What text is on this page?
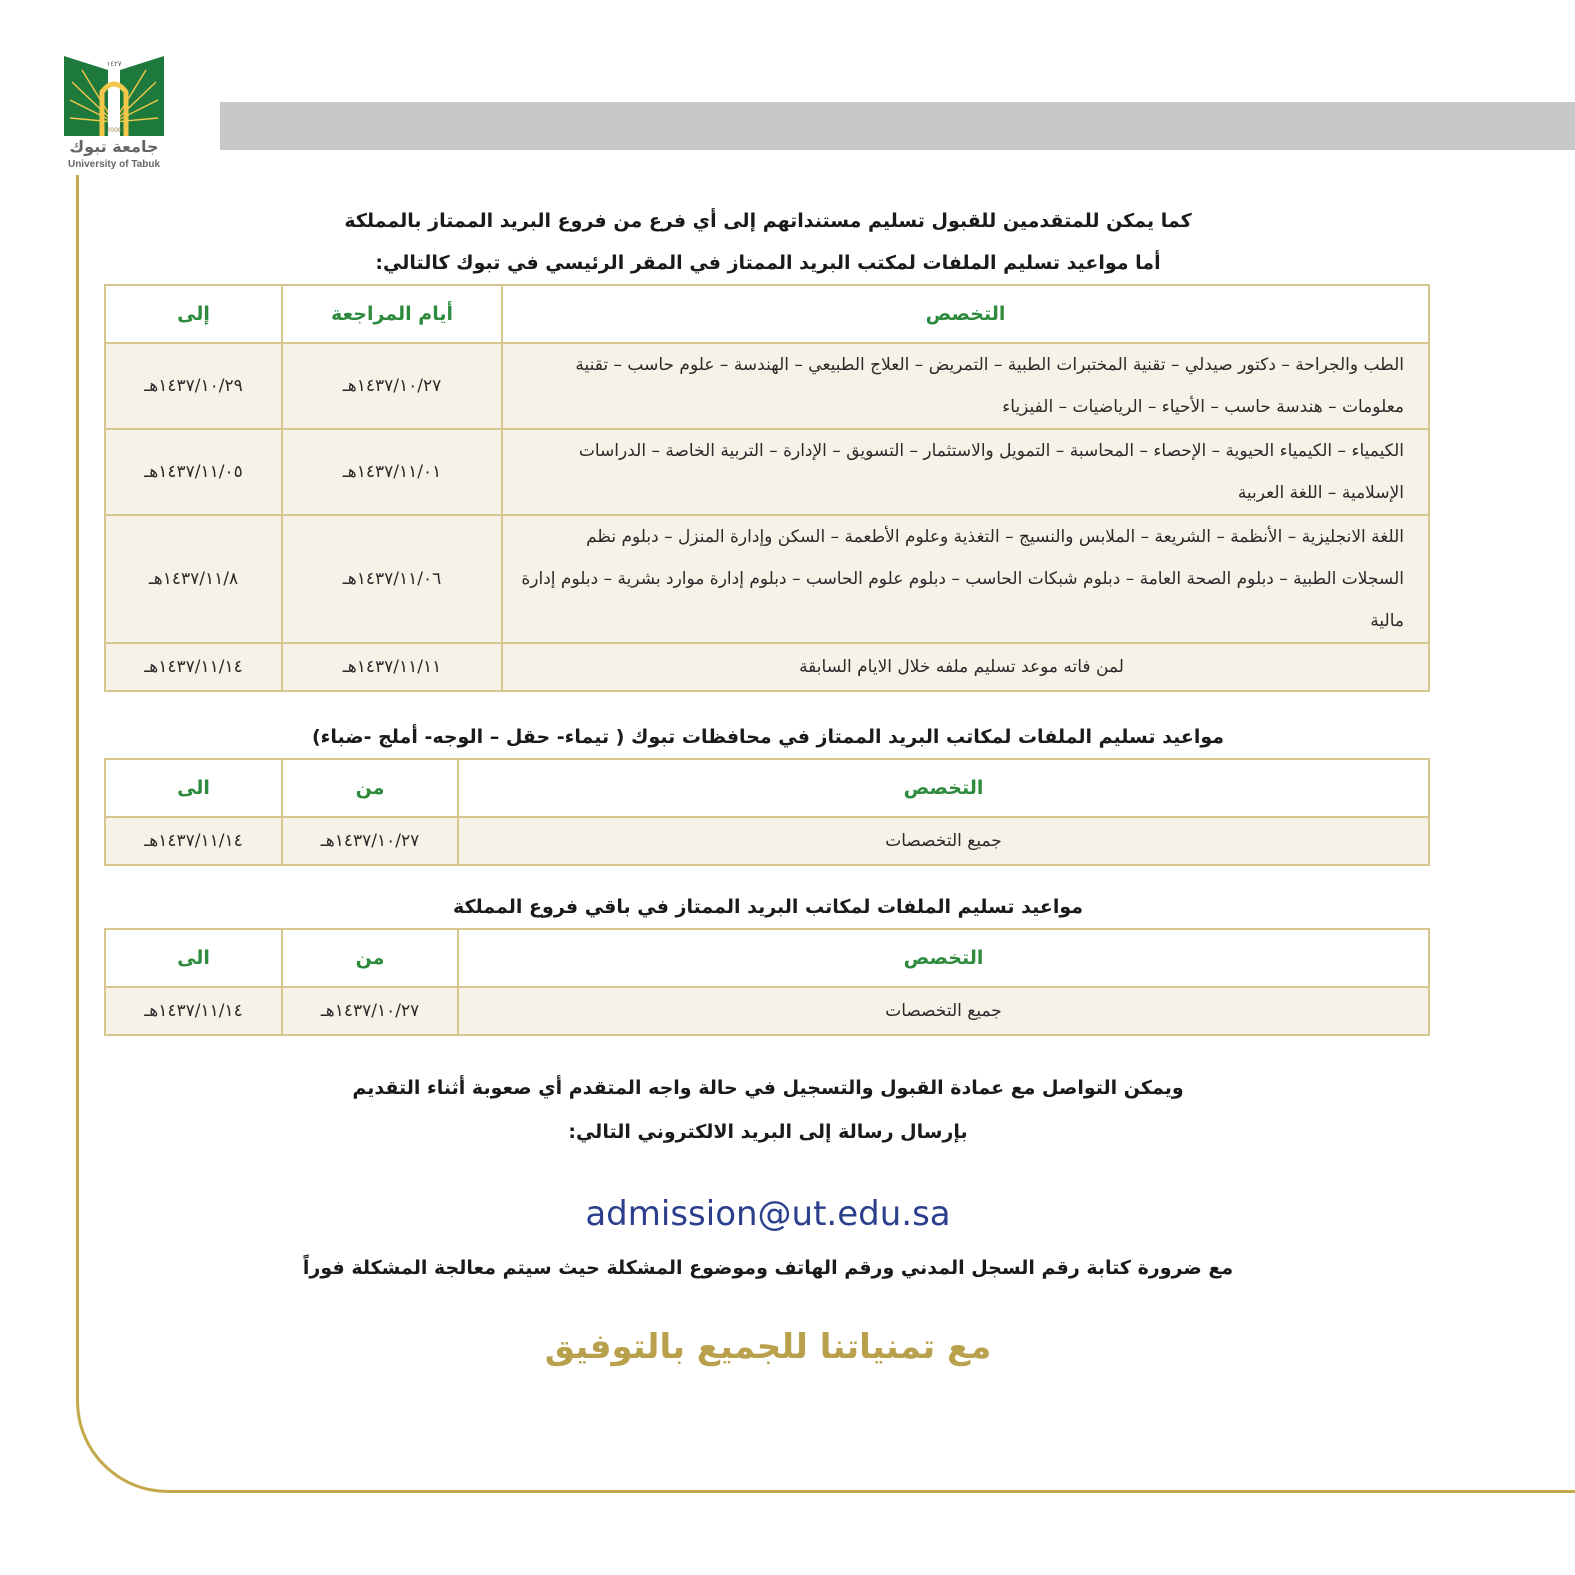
١٤٢٧
2006
جامعة تبوك
University of Tabuk
كما يمكن للمتقدمين للقبول تسليم مستنداتهم إلى أي فرع من فروع البريد الممتاز بالمملكة
أما مواعيد تسليم الملفات لمكتب البريد الممتاز في المقر الرئيسي في تبوك كالتالي:
التخصص	أيام المراجعة	إلى
الطب والجراحة – دكتور صيدلي – تقنية المختبرات الطبية – التمريض – العلاج الطبيعي – الهندسة – علوم حاسب – تقنية معلومات – هندسة حاسب – الأحياء – الرياضيات – الفيزياء	١٤٣٧/١٠/٢٧هـ	١٤٣٧/١٠/٢٩هـ
الكيمياء – الكيمياء الحيوية – الإحصاء – المحاسبة – التمويل والاستثمار – التسويق – الإدارة – التربية الخاصة – الدراسات الإسلامية – اللغة العربية	١٤٣٧/١١/٠١هـ	١٤٣٧/١١/٠٥هـ
اللغة الانجليزية – الأنظمة – الشريعة – الملابس والنسيج – التغذية وعلوم الأطعمة – السكن وإدارة المنزل – دبلوم نظم السجلات الطبية – دبلوم الصحة العامة – دبلوم شبكات الحاسب – دبلوم علوم الحاسب – دبلوم إدارة موارد بشرية – دبلوم إدارة مالية	١٤٣٧/١١/٠٦هـ	١٤٣٧/١١/٨هـ
لمن فاته موعد تسليم ملفه خلال الايام السابقة	١٤٣٧/١١/١١هـ	١٤٣٧/١١/١٤هـ
مواعيد تسليم الملفات لمكاتب البريد الممتاز في محافظات تبوك ( تيماء- حقل – الوجه- أملج -ضباء)
التخصص	من	الى
جميع التخصصات	١٤٣٧/١٠/٢٧هـ	١٤٣٧/١١/١٤هـ
مواعيد تسليم الملفات لمكاتب البريد الممتاز في باقي فروع المملكة
التخصص	من	الى
جميع التخصصات	١٤٣٧/١٠/٢٧هـ	١٤٣٧/١١/١٤هـ
ويمكن التواصل مع عمادة القبول والتسجيل في حالة واجه المتقدم أي صعوبة أثناء التقديم
بإرسال رسالة إلى البريد الالكتروني التالي:
admission@ut.edu.sa
مع ضرورة كتابة رقم السجل المدني ورقم الهاتف وموضوع المشكلة حيث سيتم معالجة المشكلة فوراً
مع تمنياتنا للجميع بالتوفيق
